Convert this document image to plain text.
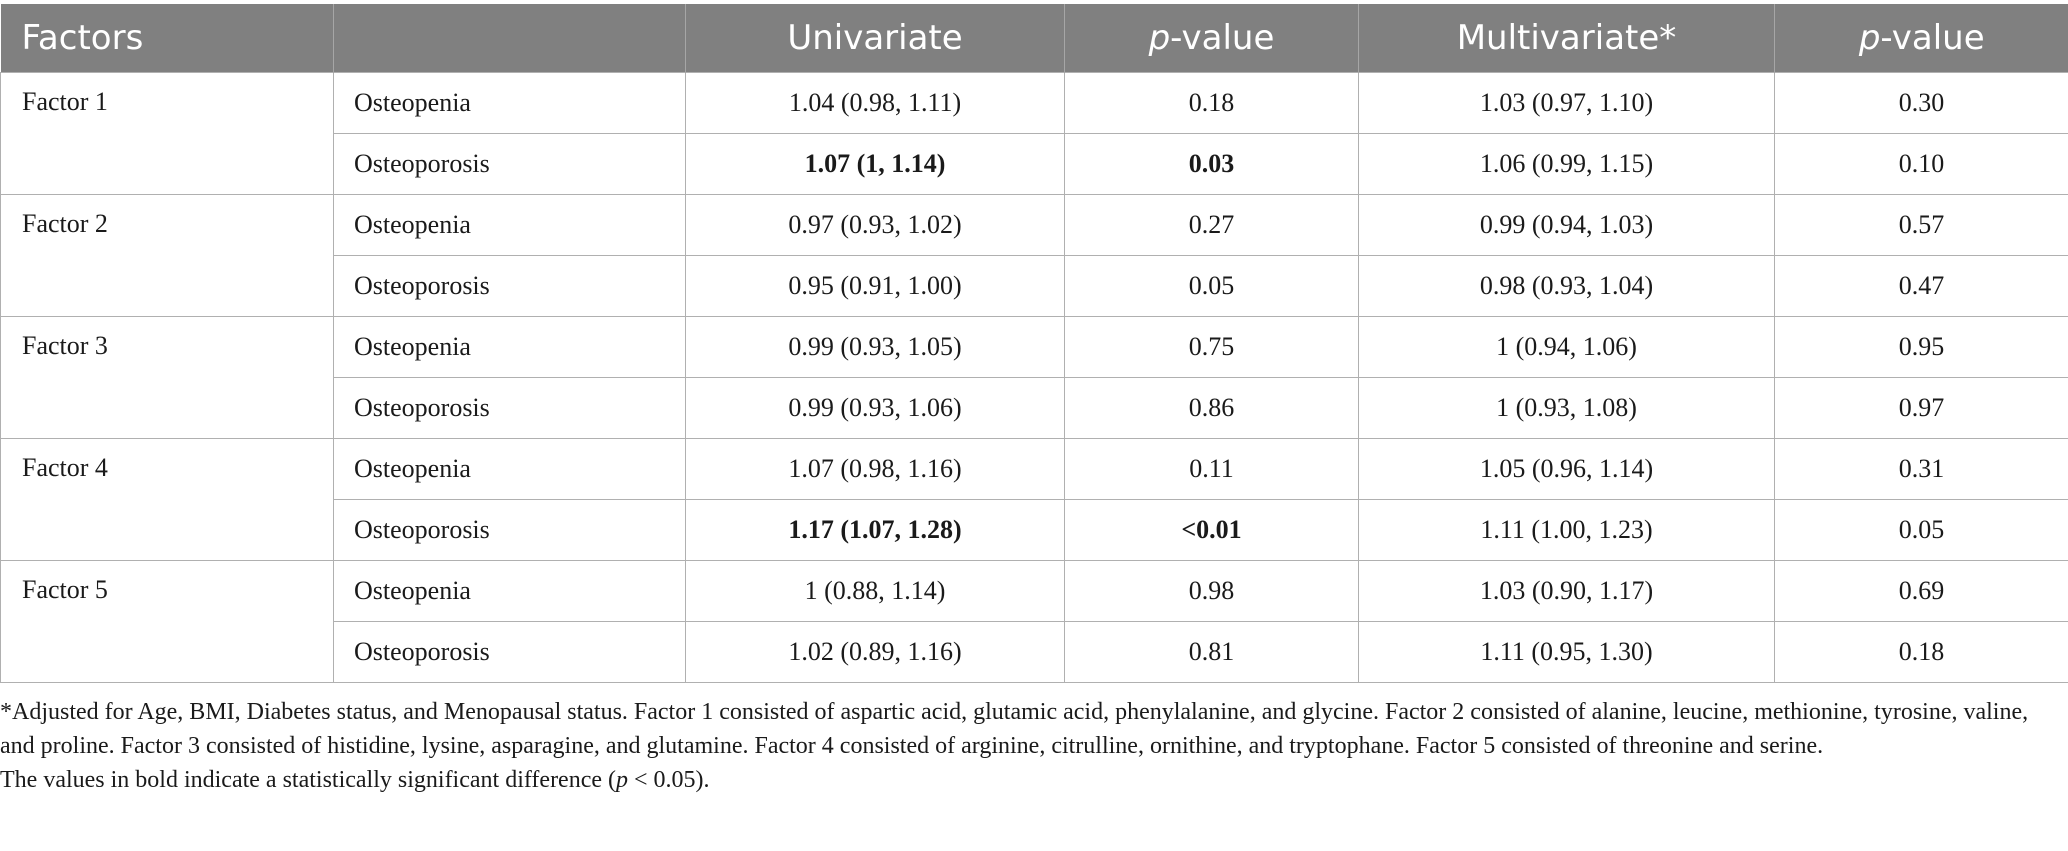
Factors		Univariate	p-value	Multivariate*	p-value
Factor 1	Osteopenia	1.04 (0.98, 1.11)	0.18	1.03 (0.97, 1.10)	0.30
	Osteoporosis	1.07 (1, 1.14)	0.03	1.06 (0.99, 1.15)	0.10
Factor 2	Osteopenia	0.97 (0.93, 1.02)	0.27	0.99 (0.94, 1.03)	0.57
	Osteoporosis	0.95 (0.91, 1.00)	0.05	0.98 (0.93, 1.04)	0.47
Factor 3	Osteopenia	0.99 (0.93, 1.05)	0.75	1 (0.94, 1.06)	0.95
	Osteoporosis	0.99 (0.93, 1.06)	0.86	1 (0.93, 1.08)	0.97
Factor 4	Osteopenia	1.07 (0.98, 1.16)	0.11	1.05 (0.96, 1.14)	0.31
	Osteoporosis	1.17 (1.07, 1.28)	<0.01	1.11 (1.00, 1.23)	0.05
Factor 5	Osteopenia	1 (0.88, 1.14)	0.98	1.03 (0.90, 1.17)	0.69
	Osteoporosis	1.02 (0.89, 1.16)	0.81	1.11 (0.95, 1.30)	0.18

*Adjusted for Age, BMI, Diabetes status, and Menopausal status. Factor 1 consisted of aspartic acid, glutamic acid, phenylalanine, and glycine. Factor 2 consisted of alanine, leucine, methionine, tyrosine, valine, and proline. Factor 3 consisted of histidine, lysine, asparagine, and glutamine. Factor 4 consisted of arginine, citrulline, ornithine, and tryptophane. Factor 5 consisted of threonine and serine.

The values in bold indicate a statistically significant difference (p < 0.05).
